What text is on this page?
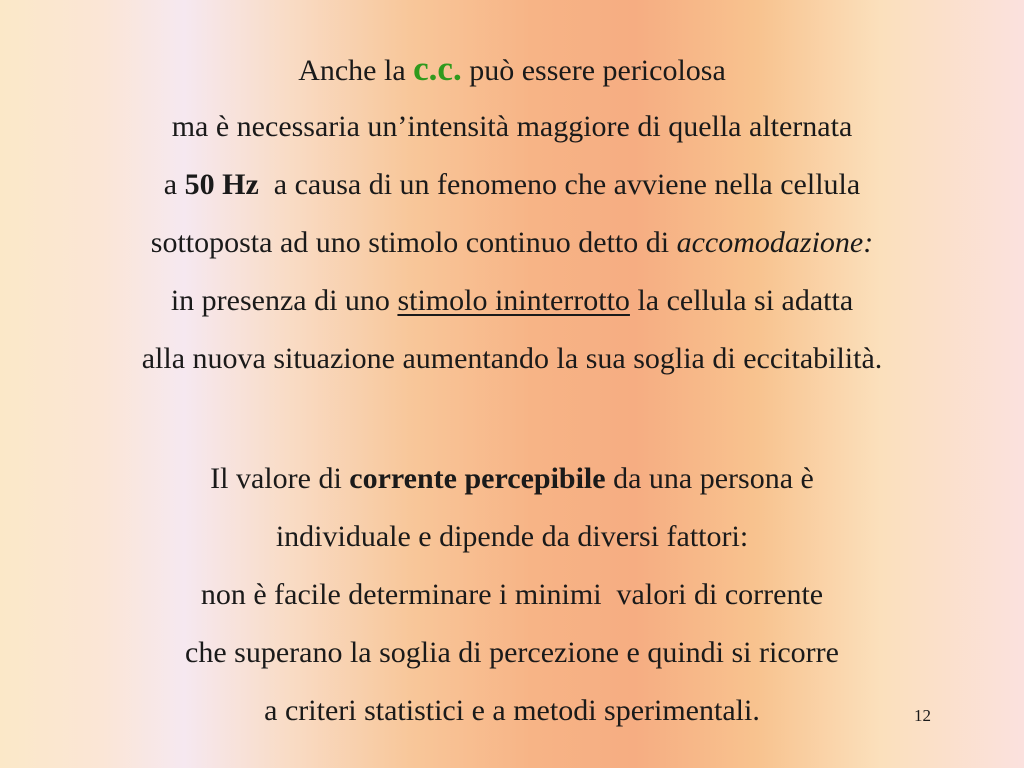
Anche la c.c. può essere pericolosa
ma è necessaria un’intensità maggiore di quella alternata
a 50 Hz  a causa di un fenomeno che avviene nella cellula
sottoposta ad uno stimolo continuo detto di accomodazione:
in presenza di uno stimolo ininterrotto la cellula si adatta
alla nuova situazione aumentando la sua soglia di eccitabilità.
Il valore di corrente percepibile da una persona è
individuale e dipende da diversi fattori:
non è facile determinare i minimi  valori di corrente
che superano la soglia di percezione e quindi si ricorre
a criteri statistici e a metodi sperimentali.	12
